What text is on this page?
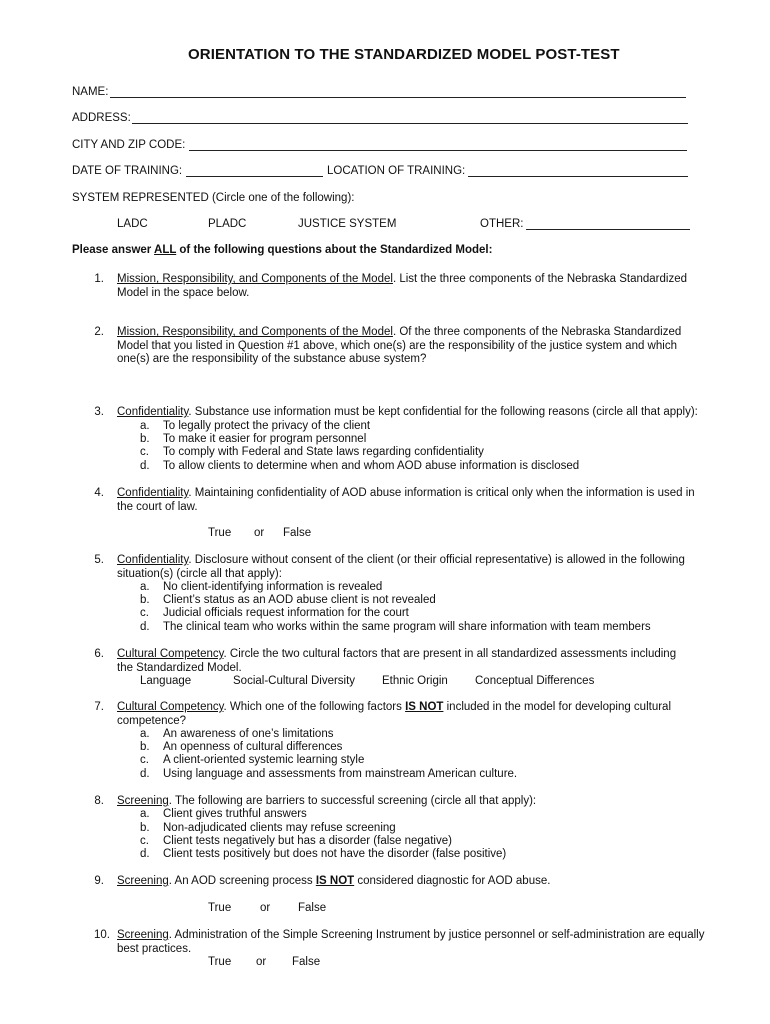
ORIENTATION TO THE STANDARDIZED MODEL POST-TEST
NAME:
ADDRESS:
CITY AND ZIP CODE:
DATE OF TRAINING:	LOCATION OF TRAINING:
SYSTEM REPRESENTED (Circle one of the following):
LADC	PLADC	JUSTICE SYSTEM	OTHER:
Please answer ALL of the following questions about the Standardized Model:
1. Mission, Responsibility, and Components of the Model. List the three components of the Nebraska Standardized Model in the space below.
2. Mission, Responsibility, and Components of the Model. Of the three components of the Nebraska Standardized Model that you listed in Question #1 above, which one(s) are the responsibility of the justice system and which one(s) are the responsibility of the substance abuse system?
3. Confidentiality. Substance use information must be kept confidential for the following reasons (circle all that apply):
a. To legally protect the privacy of the client
b. To make it easier for program personnel
c. To comply with Federal and State laws regarding confidentiality
d. To allow clients to determine when and whom AOD abuse information is disclosed
4. Confidentiality. Maintaining confidentiality of AOD abuse information is critical only when the information is used in the court of law.
True or False
5. Confidentiality. Disclosure without consent of the client (or their official representative) is allowed in the following situation(s) (circle all that apply):
a. No client-identifying information is revealed
b. Client’s status as an AOD abuse client is not revealed
c. Judicial officials request information for the court
d. The clinical team who works within the same program will share information with team members
6. Cultural Competency. Circle the two cultural factors that are present in all standardized assessments including the Standardized Model.
Language	Social-Cultural Diversity Ethnic Origin Conceptual Differences
7. Cultural Competency. Which one of the following factors IS NOT included in the model for developing cultural competence?
a. An awareness of one’s limitations
b. An openness of cultural differences
c. A client-oriented systemic learning style
d. Using language and assessments from mainstream American culture.
8. Screening. The following are barriers to successful screening (circle all that apply):
a. Client gives truthful answers
b. Non-adjudicated clients may refuse screening
c. Client tests negatively but has a disorder (false negative)
d. Client tests positively but does not have the disorder (false positive)
9. Screening. An AOD screening process IS NOT considered diagnostic for AOD abuse.
True	or False
10. Screening. Administration of the Simple Screening Instrument by justice personnel or self-administration are equally best practices.
True or False
